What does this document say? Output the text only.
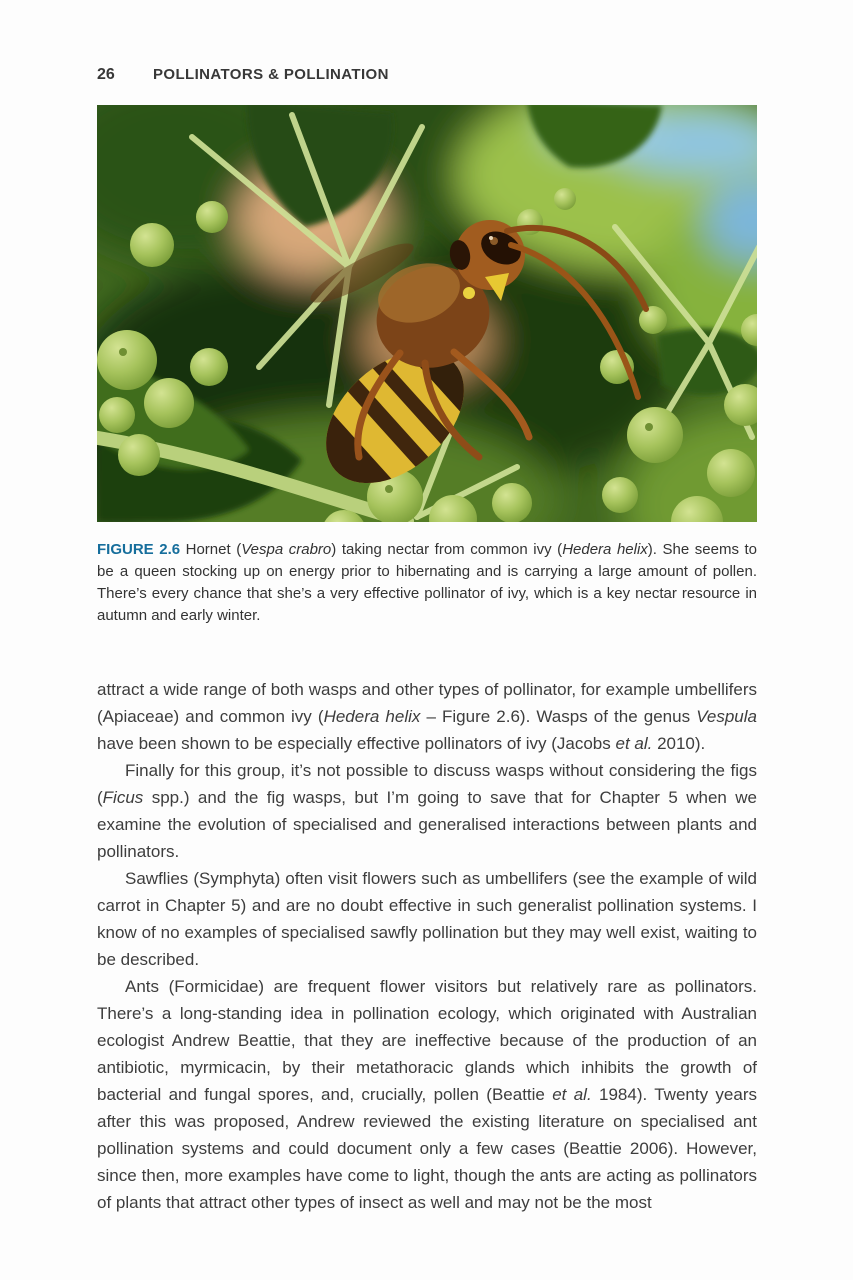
26	POLLINATORS & POLLINATION
FIGURE 2.6 Hornet (Vespa crabro) taking nectar from common ivy (Hedera helix). She seems to be a queen stocking up on energy prior to hibernating and is carrying a large amount of pollen. There’s every chance that she’s a very effective pollinator of ivy, which is a key nectar resource in autumn and early winter.

attract a wide range of both wasps and other types of pollinator, for example umbellifers (Apiaceae) and common ivy (Hedera helix – Figure 2.6). Wasps of the genus Vespula have been shown to be especially effective pollinators of ivy (Jacobs et al. 2010).

Finally for this group, it’s not possible to discuss wasps without considering the figs (Ficus spp.) and the fig wasps, but I’m going to save that for Chapter 5 when we examine the evolution of specialised and generalised interactions between plants and pollinators.

Sawflies (Symphyta) often visit flowers such as umbellifers (see the example of wild carrot in Chapter 5) and are no doubt effective in such generalist pollination systems. I know of no examples of specialised sawfly pollination but they may well exist, waiting to be described.

Ants (Formicidae) are frequent flower visitors but relatively rare as pollinators. There’s a long-standing idea in pollination ecology, which originated with Australian ecologist Andrew Beattie, that they are ineffective because of the production of an antibiotic, myrmicacin, by their metathoracic glands which inhibits the growth of bacterial and fungal spores, and, crucially, pollen (Beattie et al. 1984). Twenty years after this was proposed, Andrew reviewed the existing literature on specialised ant pollination systems and could document only a few cases (Beattie 2006). However, since then, more examples have come to light, though the ants are acting as pollinators of plants that attract other types of insect as well and may not be the most
